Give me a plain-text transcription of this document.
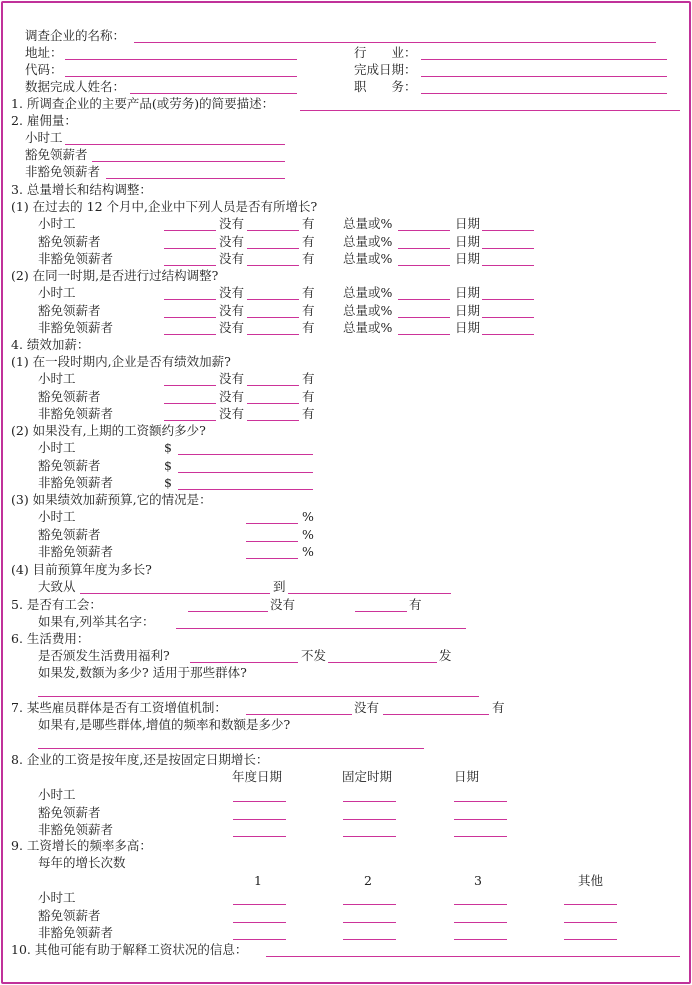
调查企业的名称：
地址：	行　　业：
代码：	完成日期：
数据完成人姓名：	职　　务：
1. 所调查企业的主要产品(或劳务)的简要描述：
2. 雇佣量：
小时工
豁免领薪者
非豁免领薪者
3. 总量增长和结构调整：
(1) 在过去的 12 个月中,企业中下列人员是否有所增长?
小时工	没有	有 总量或%	日期
豁免领薪者	没有	有 总量或%	日期
非豁免领薪者	没有	有 总量或%	日期
(2) 在同一时期,是否进行过结构调整?
小时工	没有	有 总量或%	日期
豁免领薪者	没有	有 总量或%	日期
非豁免领薪者	没有	有 总量或%	日期
4. 绩效加薪：
(1) 在一段时期内,企业是否有绩效加薪?
小时工	没有	有
豁免领薪者	没有	有
非豁免领薪者	没有	有
(2) 如果没有,上期的工资额约多少?
小时工	$
豁免领薪者	$
非豁免领薪者	$
(3) 如果绩效加薪预算,它的情况是：
小时工	%
豁免领薪者	%
非豁免领薪者	%
(4) 目前预算年度为多长?
大致从	到
5. 是否有工会：	没有	有
如果有,列举其名字：
6. 生活费用：
是否颁发生活费用福利?	不发	发
如果发,数额为多少? 适用于那些群体?
7. 某些雇员群体是否有工资增值机制：	没有	有
如果有,是哪些群体,增值的频率和数额是多少?
8. 企业的工资是按年度,还是按固定日期增长：
年度日期	固定时期	日期
小时工
豁免领薪者
非豁免领薪者
9. 工资增长的频率多高：
每年的增长次数
1	2	3	其他
小时工
豁免领薪者
非豁免领薪者
10. 其他可能有助于解释工资状况的信息：
